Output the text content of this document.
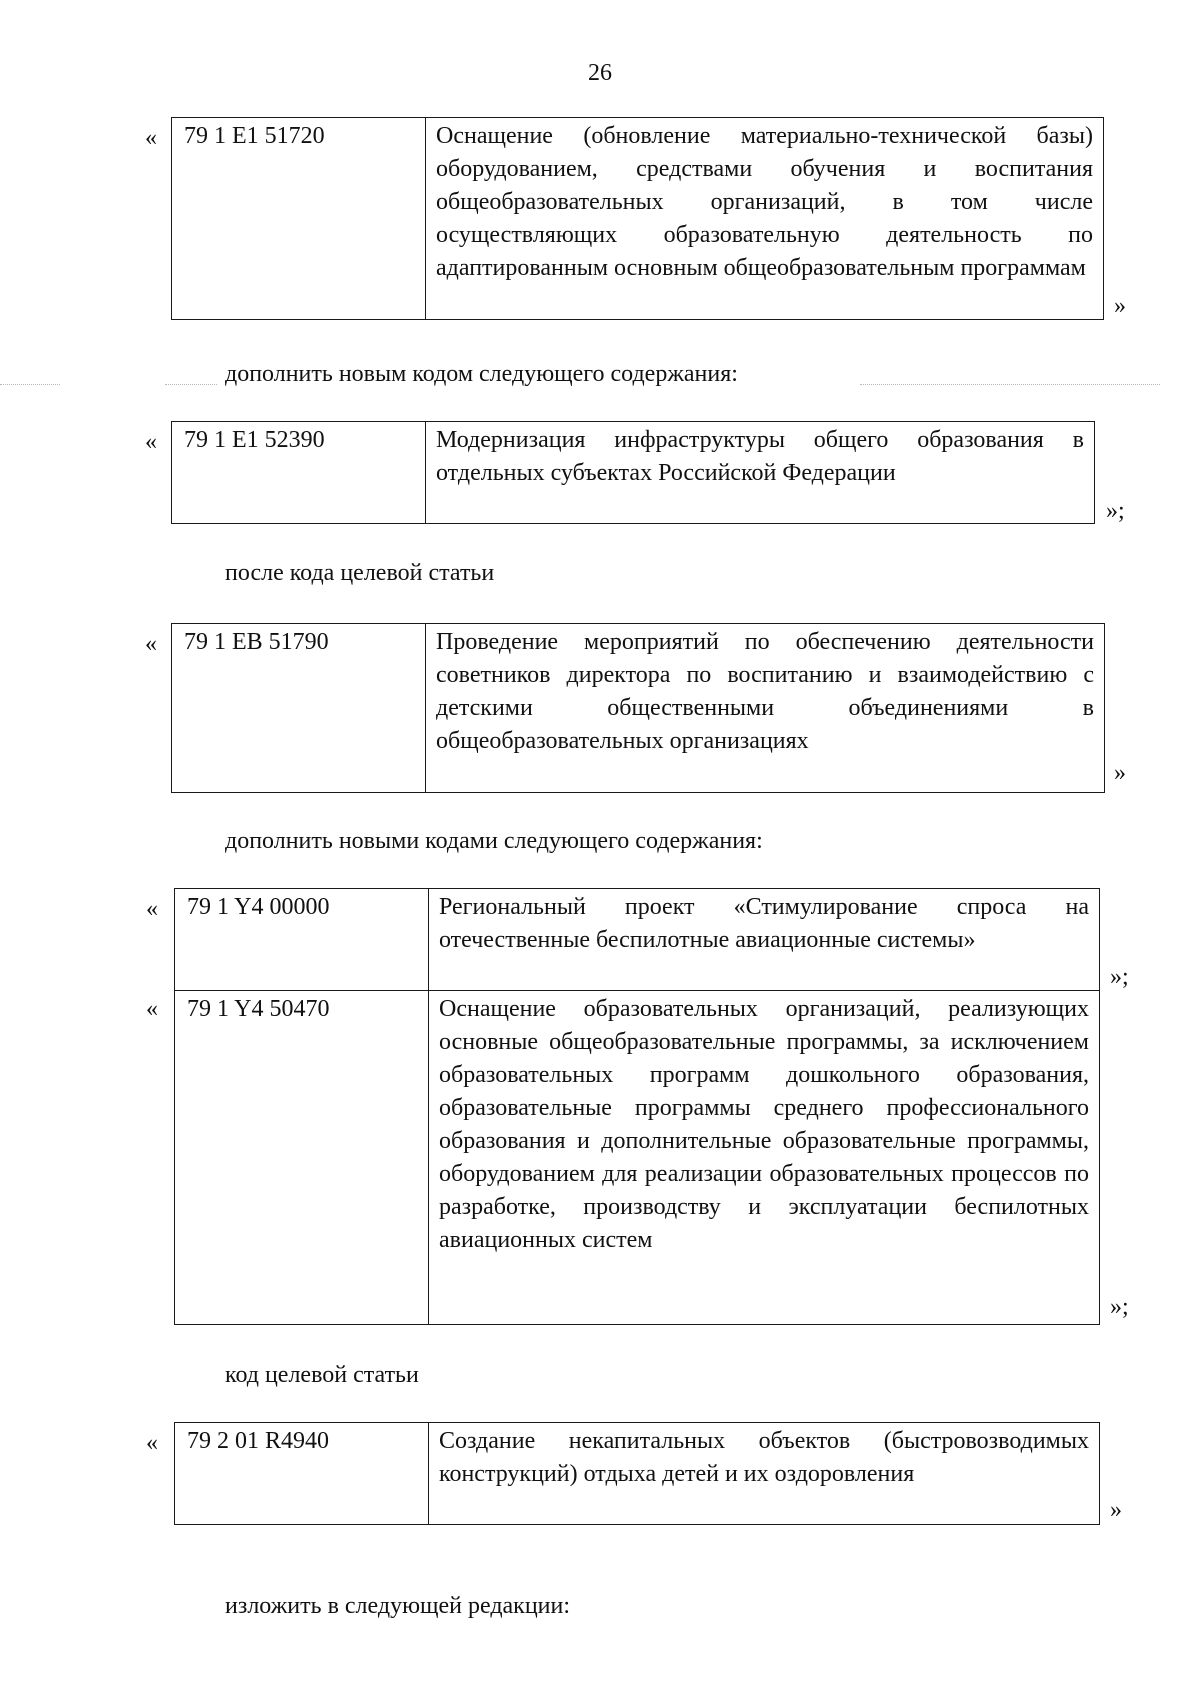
26
« 79 1 E1 51720	Оснащение (обновление материально-технической базы) оборудованием, средствами обучения и воспитания общеобразовательных организаций, в том числе осуществляющих образовательную деятельность по адаптированным основным общеобразовательным программам
»
дополнить новым кодом следующего содержания:
« 79 1 E1 52390	Модернизация инфраструктуры общего образования в отдельных субъектах Российской Федерации
»;
после кода целевой статьи
« 79 1 EB 51790	Проведение мероприятий по обеспечению деятельности советников директора по воспитанию и взаимодействию с детскими общественными объединениями в общеобразовательных организациях
»
дополнить новыми кодами следующего содержания:
«
«
79 1 Y4 00000	Региональный проект «Стимулирование спроса на отечественные беспилотные авиационные системы»
79 1 Y4 50470	Оснащение образовательных организаций, реализующих основные общеобразовательные программы, за исключением образовательных программ дошкольного образования, образовательные программы среднего профессионального образования и дополнительные образовательные программы, оборудованием для реализации образовательных процессов по разработке, производству и эксплуатации беспилотных авиационных систем
»;
»;
код целевой статьи
« 79 2 01 R4940	Создание некапитальных объектов (быстровозводимых конструкций) отдыха детей и их оздоровления
»
изложить в следующей редакции:
